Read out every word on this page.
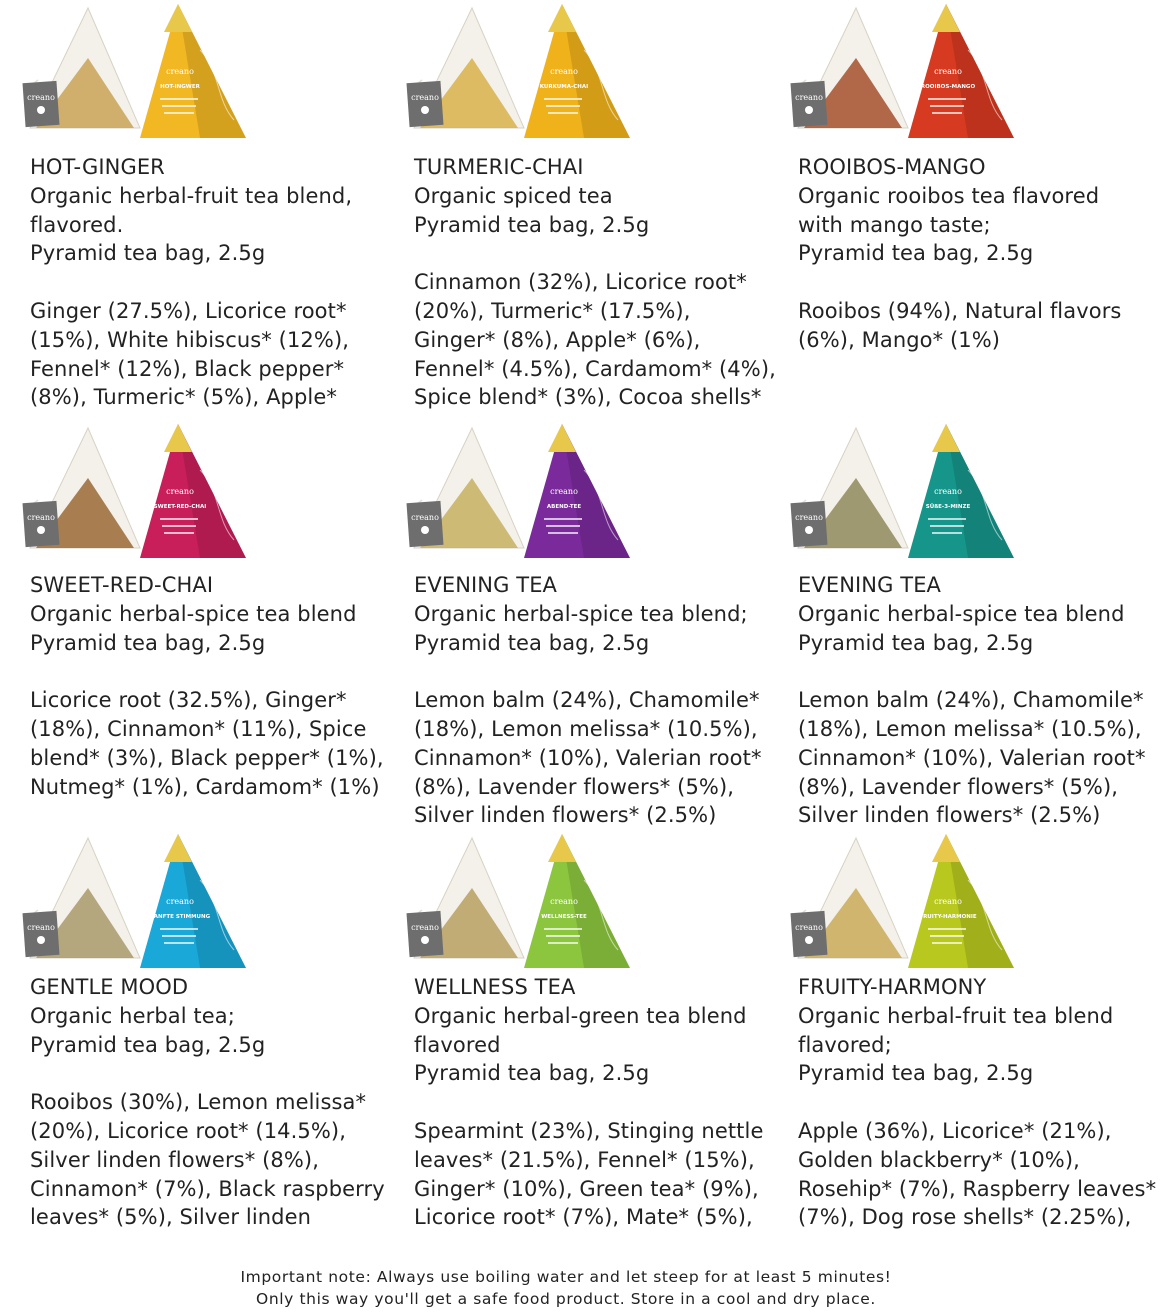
creano
creano
HOT-INGWER
HOT-GINGER
Organic herbal-fruit tea blend,
flavored.
Pyramid tea bag, 2.5g
Ginger (27.5%), Licorice root*
(15%), White hibiscus* (12%),
Fennel* (12%), Black pepper*
(8%), Turmeric* (5%), Apple*
creano
creano
KURKUMA-CHAI
TURMERIC-CHAI
Organic spiced tea
Pyramid tea bag, 2.5g
Cinnamon (32%), Licorice root*
(20%), Turmeric* (17.5%),
Ginger* (8%), Apple* (6%),
Fennel* (4.5%), Cardamom* (4%),
Spice blend* (3%), Cocoa shells*
creano
creano
ROOIBOS-MANGO
ROOIBOS-MANGO
Organic rooibos tea flavored
with mango taste;
Pyramid tea bag, 2.5g
Rooibos (94%), Natural flavors
(6%), Mango* (1%)
creano
creano
SWEET-RED-CHAI
SWEET-RED-CHAI
Organic herbal-spice tea blend
Pyramid tea bag, 2.5g
Licorice root (32.5%), Ginger*
(18%), Cinnamon* (11%), Spice
blend* (3%), Black pepper* (1%),
Nutmeg* (1%), Cardamom* (1%)
creano
creano
ABEND-TEE
EVENING TEA
Organic herbal-spice tea blend;
Pyramid tea bag, 2.5g
Lemon balm (24%), Chamomile*
(18%), Lemon melissa* (10.5%),
Cinnamon* (10%), Valerian root*
(8%), Lavender flowers* (5%),
Silver linden flowers* (2.5%)
creano
creano
SÜßE-3-MINZE
EVENING TEA
Organic herbal-spice tea blend
Pyramid tea bag, 2.5g
Lemon balm (24%), Chamomile*
(18%), Lemon melissa* (10.5%),
Cinnamon* (10%), Valerian root*
(8%), Lavender flowers* (5%),
Silver linden flowers* (2.5%)
creano
creano
SANFTE STIMMUNG
GENTLE MOOD
Organic herbal tea;
Pyramid tea bag, 2.5g
Rooibos (30%), Lemon melissa*
(20%), Licorice root* (14.5%),
Silver linden flowers* (8%),
Cinnamon* (7%), Black raspberry
leaves* (5%), Silver linden
creano
creano
WELLNESS-TEE
WELLNESS TEA
Organic herbal-green tea blend
flavored
Pyramid tea bag, 2.5g
Spearmint (23%), Stinging nettle
leaves* (21.5%), Fennel* (15%),
Ginger* (10%), Green tea* (9%),
Licorice root* (7%), Mate* (5%),
creano
creano
FRUITY-HARMONIE
FRUITY-HARMONY
Organic herbal-fruit tea blend
flavored;
Pyramid tea bag, 2.5g
Apple (36%), Licorice* (21%),
Golden blackberry* (10%),
Rosehip* (7%), Raspberry leaves*
(7%), Dog rose shells* (2.25%),
Important note: Always use boiling water and let steep for at least 5 minutes!
Only this way you'll get a safe food product. Store in a cool and dry place.
